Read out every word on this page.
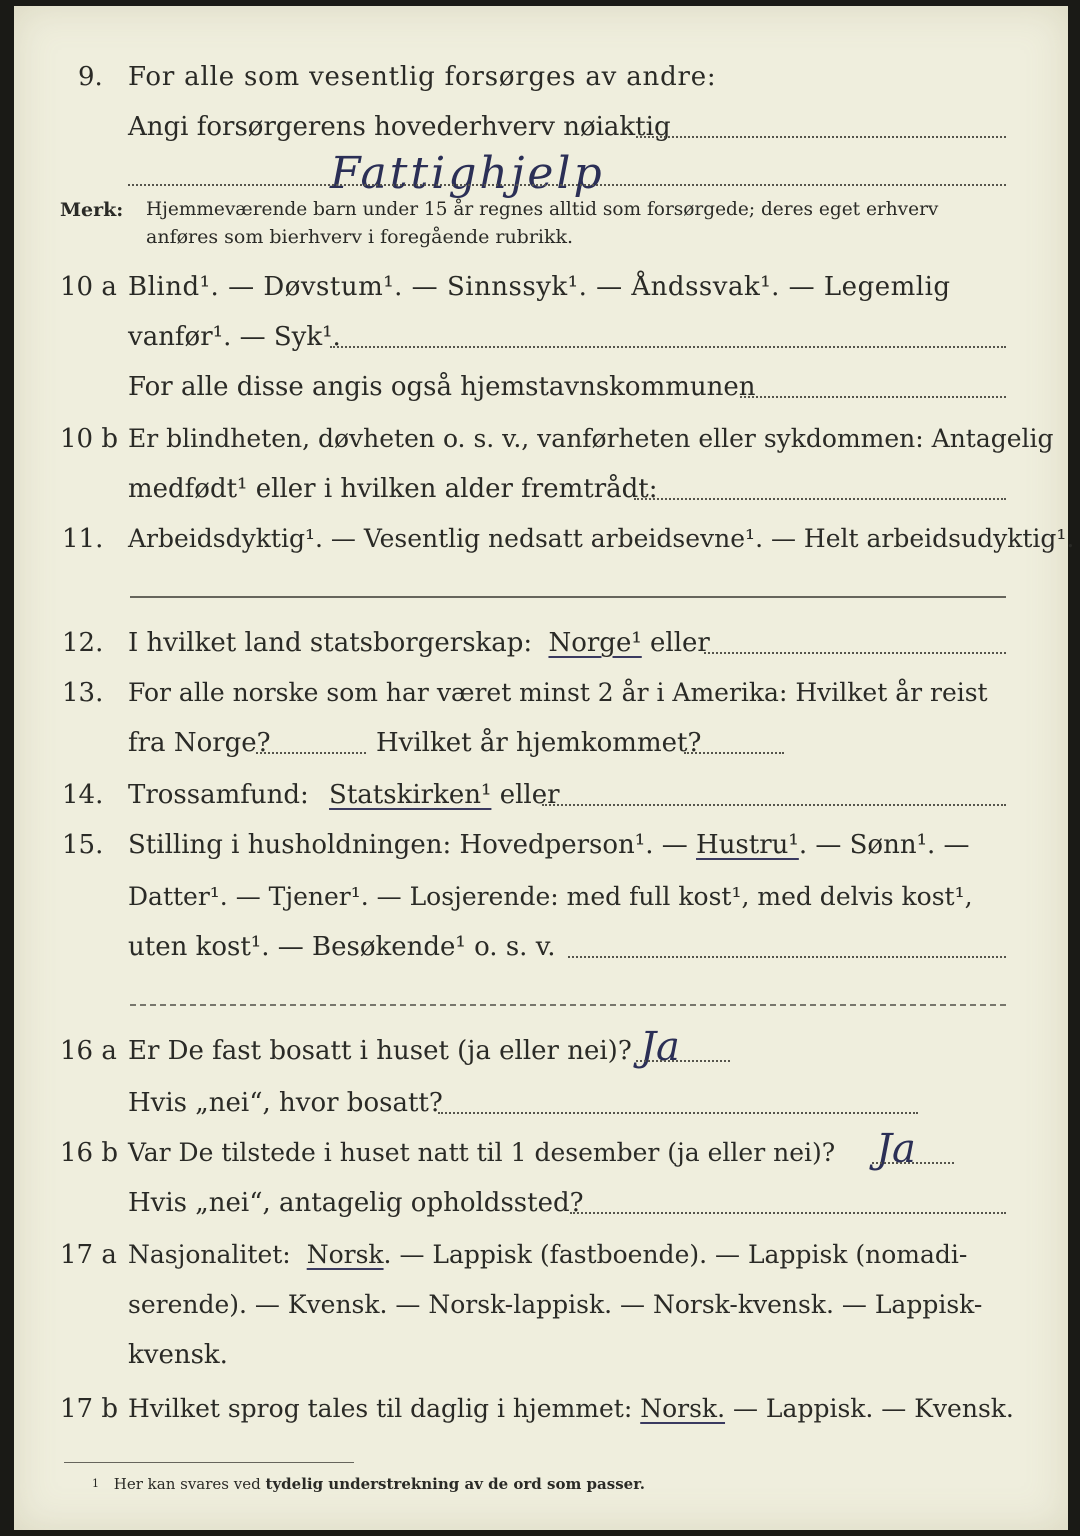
9. For alle som vesentlig forsørges av andre:
Angi forsørgerens hovederhverv nøiaktig
Fattighjelp
Merk: Hjemmeværende barn under 15 år regnes alltid som forsørgede; deres eget erhverv
anføres som bierhverv i foregående rubrikk.
10 a Blind¹. — Døvstum¹. — Sinnssyk¹. — Åndssvak¹. — Legemlig
vanfør¹. — Syk¹.
For alle disse angis også hjemstavnskommunen
10 b Er blindheten, døvheten o. s. v., vanførheten eller sykdommen: Antagelig
medfødt¹ eller i hvilken alder fremtrådt:
11. Arbeidsdyktig¹. — Vesentlig nedsatt arbeidsevne¹. — Helt arbeidsudyktig¹.
12. I hvilket land statsborgerskap: Norge¹ eller
13. For alle norske som har været minst 2 år i Amerika: Hvilket år reist
fra Norge?	Hvilket år hjemkommet?
14. Trossamfund: Statskirken¹ eller
15. Stilling i husholdningen: Hovedperson¹. — Hustru¹. — Sønn¹. —
Datter¹. — Tjener¹. — Losjerende: med full kost¹, med delvis kost¹,
uten kost¹. — Besøkende¹ o. s. v.
16 a Er De fast bosatt i huset (ja eller nei)? Ja
Hvis „nei“, hvor bosatt?
16 b Var De tilstede i huset natt til 1 desember (ja eller nei)? Ja
Hvis „nei“, antagelig opholdssted?
17 a Nasjonalitet: Norsk. — Lappisk (fastboende). — Lappisk (nomadi-
serende). — Kvensk. — Norsk-lappisk. — Norsk-kvensk. — Lappisk-
kvensk.
17 b Hvilket sprog tales til daglig i hjemmet: Norsk. — Lappisk. — Kvensk.
$^1$ Her kan svares ved tydelig understrekning av de ord som passer.
